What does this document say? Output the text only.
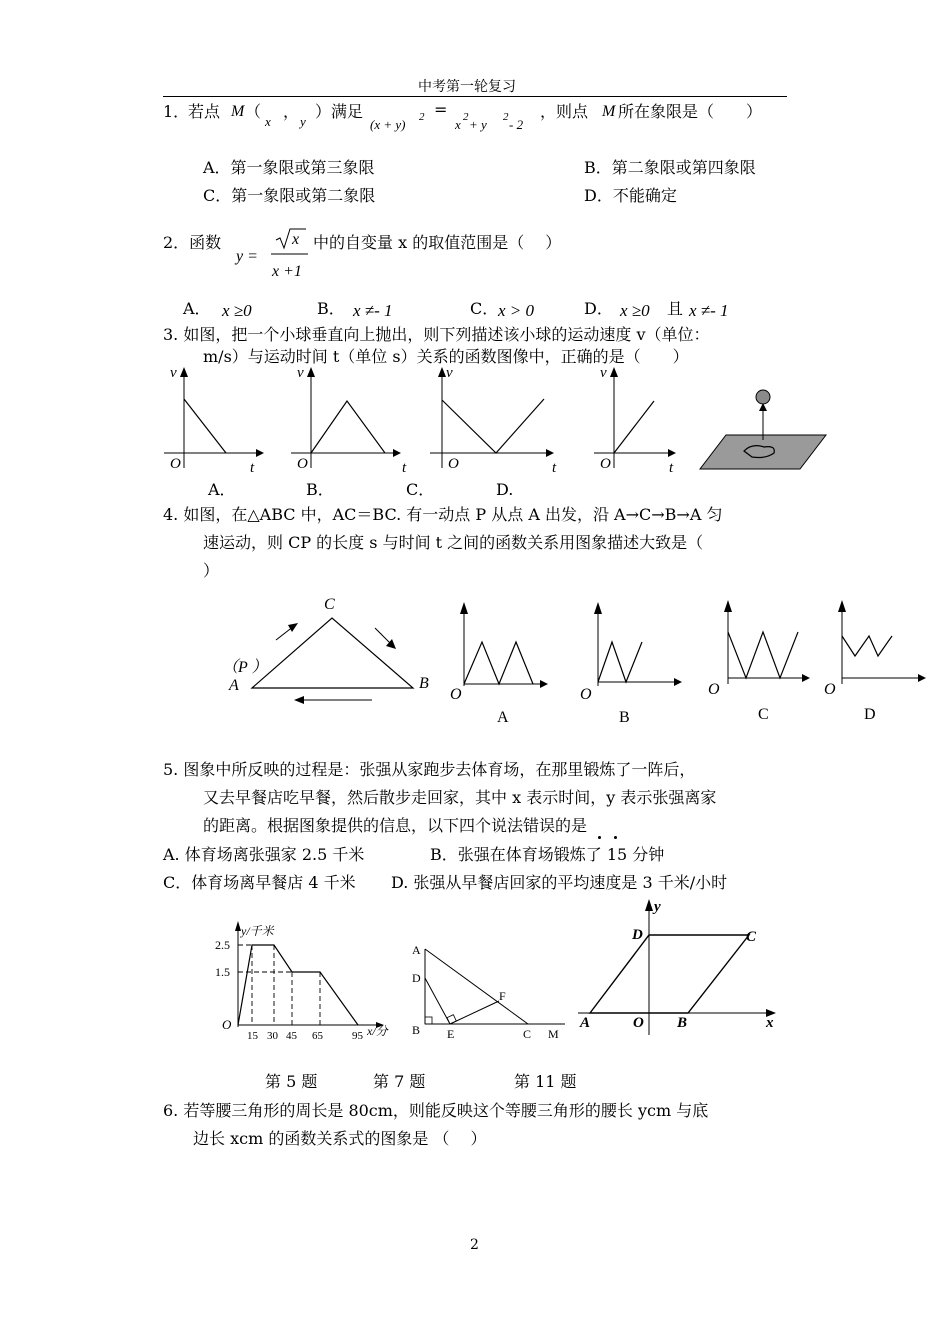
中考第一轮复习
1．
若点 M （
x
，
y
）满足
(x + y) 2 =
x 2 + y 2 - 2
，则点 M 所在象限是（　　）
A．第一象限或第三象限	B．第二象限或第四象限
C．第一象限或第二象限	D．不能确定
2．函数
y =
x
x +1
中的自变量 x 的取值范围是（　 ）
A． x ≥0	B． x ≠- 1	C． x > 0	D． x ≥0 且 x ≠- 1
3. 如图，把一个小球垂直向上抛出，则下列描述该小球的运动速度 v（单位：
m/s）与运动时间 t（单位 s）关系的函数图像中，正确的是（　　）
v
O	t
v
O	t
v
O	t
v
O	t
A．	B．	C．	D.
4. 如图，在△ABC 中，AC＝BC. 有一动点 P 从点 A 出发，沿 A→C→B→A 匀
速运动，则 CP 的长度 s 与时间 t 之间的函数关系用图象描述大致是（
）
C
A	B
（P ）
O	O	O	O
A	B	C	D
5. 图象中所反映的过程是：张强从家跑步去体育场，在那里锻炼了一阵后，
又去早餐店吃早餐，然后散步走回家，其中 x 表示时间，y 表示张强离家
的距离。根据图象提供的信息，以下四个说法错误的是
A. 体育场离张强家 2.5 千米	B．张强在体育场锻炼了 15 分钟
C．体育场离早餐店 4 千米 D. 张强从早餐店回家的平均速度是 3 千米/小时
y/千米
2.5
1.5
O
15 30 45 65	95 x/分
A
D
F
B E	C M
y
D	C
A	O B	x
第 5 题	第 7 题	第 11 题
6. 若等腰三角形的周长是 80cm，则能反映这个等腰三角形的腰长 ycm 与底
边长 xcm 的函数关系式的图象是 （　 ）
2
